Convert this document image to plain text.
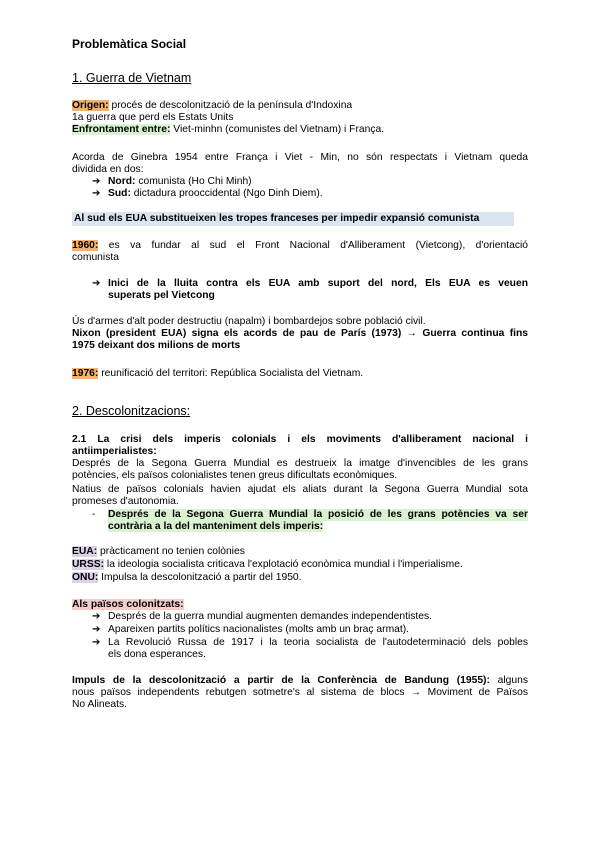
Problemàtica Social
1. Guerra de Vietnam
Origen: procés de descolonització de la península d'Indoxina
1a guerra que perd els Estats Units
Enfrontament entre: Viet-minhn (comunistes del Vietnam) i França.
Acorda de Ginebra 1954 entre França i Viet - Min, no són respectats i Vietnam queda
dividida en dos:
➔ Nord: comunista (Ho Chi Minh)
➔ Sud: dictadura prooccidental (Ngo Dinh Diem).
Al sud els EUA substitueixen les tropes franceses per impedir expansió comunista
1960: es va fundar al sud el Front Nacional d'Alliberament (Vietcong), d'orientació
comunista
➔ Inici de la lluita contra els EUA amb suport del nord, Els EUA es veuen
superats pel Vietcong
Ús d'armes d'alt poder destructiu (napalm) i bombardejos sobre població civil.
Nixon (president EUA) signa els acords de pau de París (1973) → Guerra continua fins
1975 deixant dos milions de morts
1976: reunificació del territori: República Socialista del Vietnam.
2. Descolonitzacions:
2.1 La crisi dels imperis colonials i els moviments d'alliberament nacional i
antiimperialistes:
Després de la Segona Guerra Mundial es destrueix la imatge d'invencibles de les grans
potències, els països colonialistes tenen greus dificultats econòmiques.
Natius de països colonials havien ajudat els aliats durant la Segona Guerra Mundial sota
promeses d'autonomia.
- Després de la Segona Guerra Mundial la posició de les grans potències va ser
contrària a la del manteniment dels imperis:
EUA: pràcticament no tenien colònies
URSS: la ideologia socialista criticava l'explotació econòmica mundial i l'imperialisme.
ONU: Impulsa la descolonització a partir del 1950.
Als països colonitzats:
➔ Després de la guerra mundial augmenten demandes independentistes.
➔ Apareixen partits polítics nacionalistes (molts amb un braç armat).
➔ La Revolució Russa de 1917 i la teoria socialista de l'autodeterminació dels pobles
els dona esperances.
Impuls de la descolonització a partir de la Conferència de Bandung (1955): alguns
nous països independents rebutgen sotmetre's al sistema de blocs → Moviment de Països
No Alineats.
